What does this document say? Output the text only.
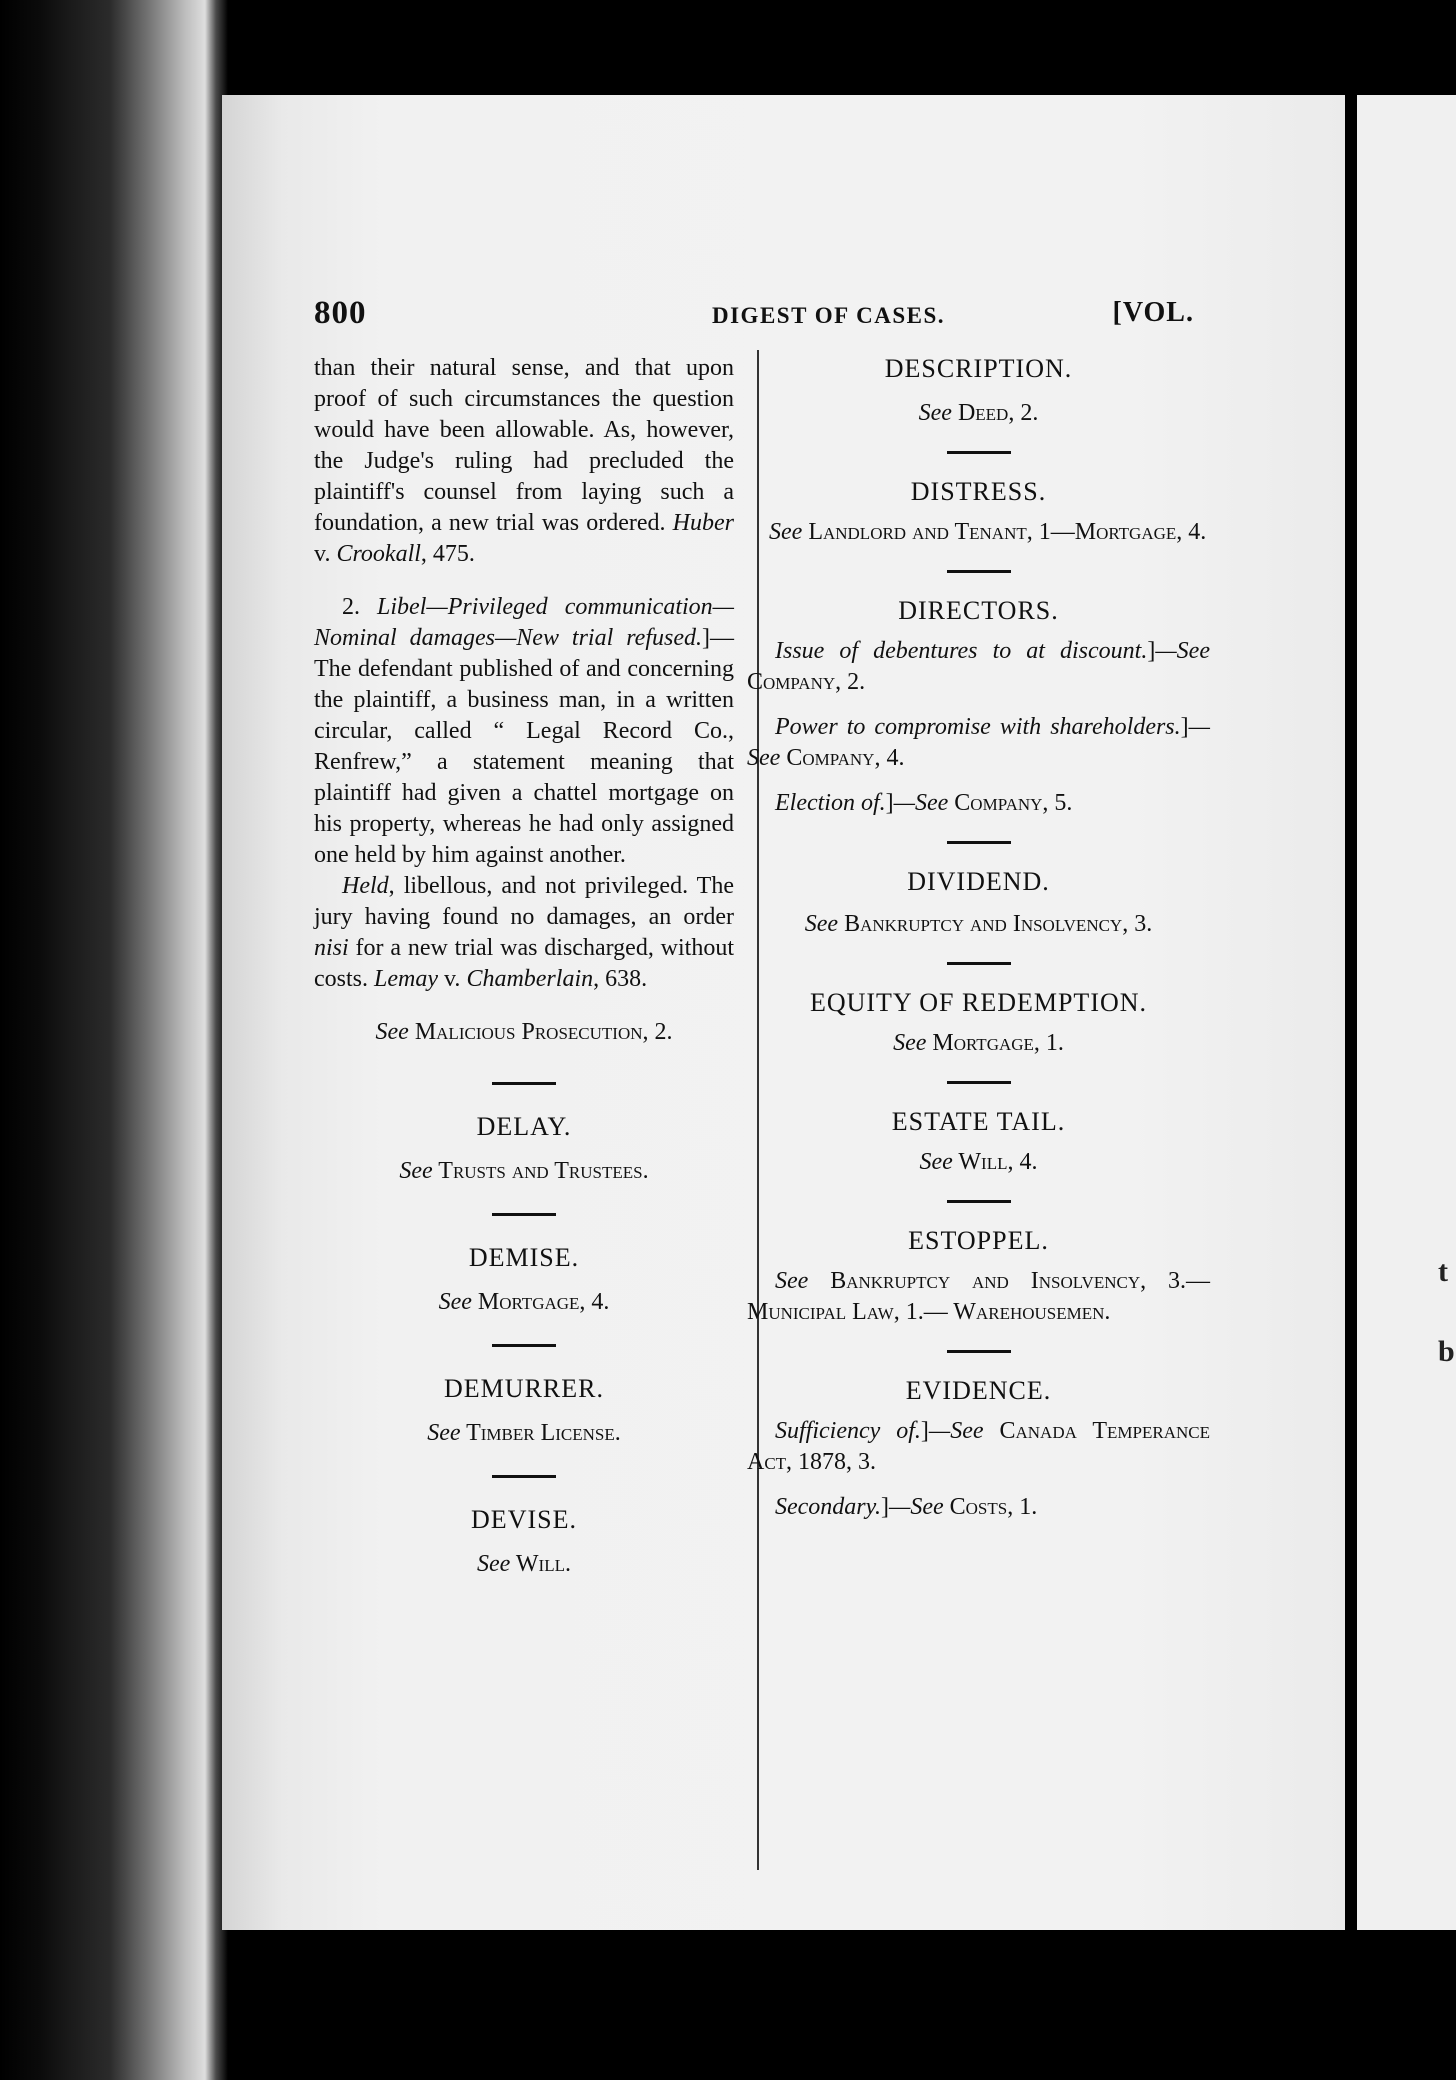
800	DIGEST OF CASES.	[VOL.

than their natural sense, and that upon proof of such circumstances the question would have been allowable. As, however, the Judge's ruling had precluded the plaintiff's counsel from laying such a foundation, a new trial was ordered. Huber v. Crookall, 475.

2. Libel—Privileged communication—Nominal damages—New trial refused.]—The defendant published of and concerning the plaintiff, a business man, in a written circular, called “ Legal Record Co., Renfrew,” a statement meaning that plaintiff had given a chattel mortgage on his property, whereas he had only assigned one held by him against another.

Held, libellous, and not privileged. The jury having found no damages, an order nisi for a new trial was discharged, without costs. Lemay v. Chamberlain, 638.

See Malicious Prosecution, 2.

DELAY.

See Trusts and Trustees.

DEMISE.

See Mortgage, 4.

DEMURRER.

See Timber License.

DEVISE.

See Will.

DESCRIPTION.

See Deed, 2.

DISTRESS.

See Landlord and Tenant, 1—Mortgage, 4.

DIRECTORS.

Issue of debentures to at discount.]—See Company, 2.

Power to compromise with shareholders.]—See Company, 4.

Election of.]—See Company, 5.

DIVIDEND.

See Bankruptcy and Insolvency, 3.

EQUITY OF REDEMPTION.

See Mortgage, 1.

ESTATE TAIL.

See Will, 4.

ESTOPPEL.

See Bankruptcy and Insolvency, 3.—Municipal Law, 1.— Warehousemen.

EVIDENCE.

Sufficiency of.]—See Canada Temperance Act, 1878, 3.

Secondary.]—See Costs, 1.

t
b
